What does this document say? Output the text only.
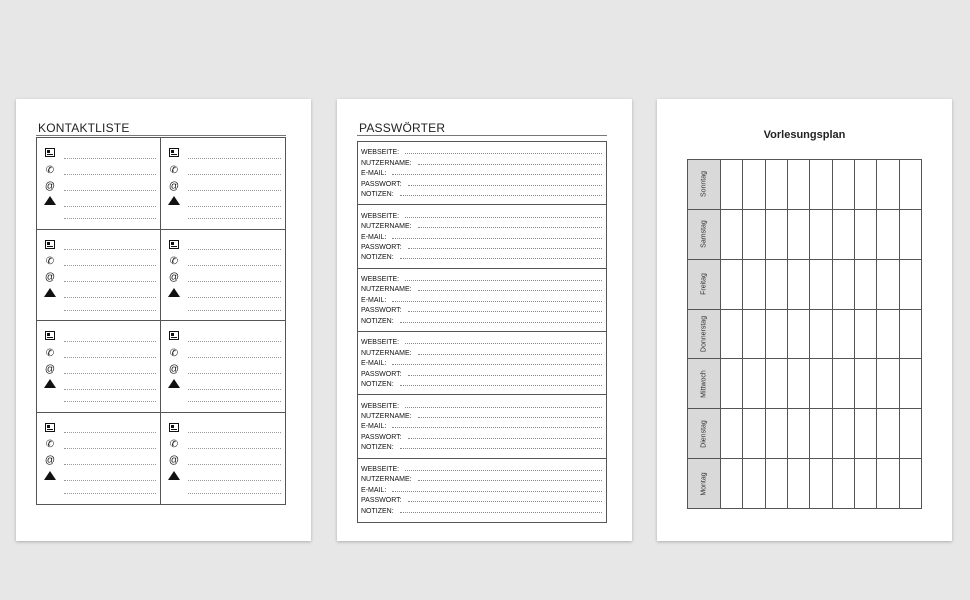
KONTAKTLISTE
✆
@
✆
@
✆
@
✆
@
✆
@
✆
@
✆
@
✆
@
PASSWÖRTER
WEBSEITE:
NUTZERNAME:
E-MAIL:
PASSWORT:
NOTIZEN:
WEBSEITE:
NUTZERNAME:
E-MAIL:
PASSWORT:
NOTIZEN:
WEBSEITE:
NUTZERNAME:
E-MAIL:
PASSWORT:
NOTIZEN:
WEBSEITE:
NUTZERNAME:
E-MAIL:
PASSWORT:
NOTIZEN:
WEBSEITE:
NUTZERNAME:
E-MAIL:
PASSWORT:
NOTIZEN:
WEBSEITE:
NUTZERNAME:
E-MAIL:
PASSWORT:
NOTIZEN:
Vorlesungsplan
Sonntag									

Samstag									

Freitag									

Donnerstag									

Mittwoch									

Dienstag									

Montag									
